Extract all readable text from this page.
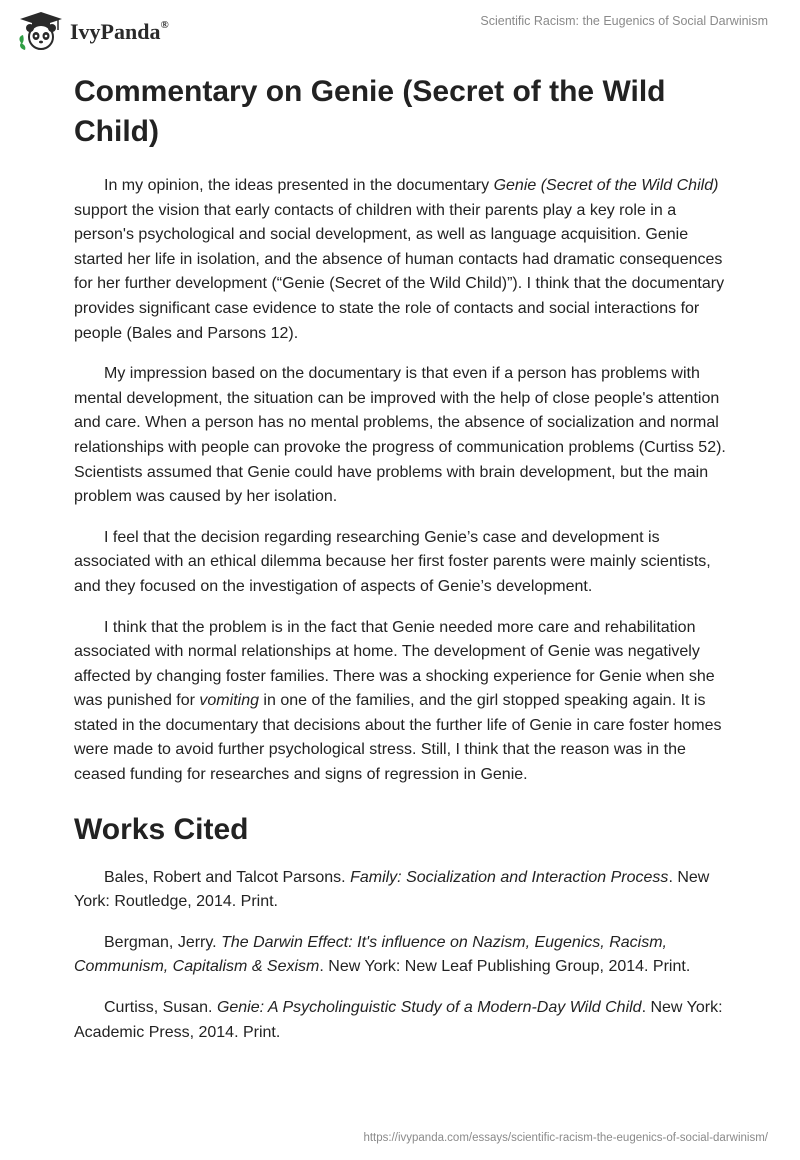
IvyPanda®	Scientific Racism: the Eugenics of Social Darwinism
Commentary on Genie (Secret of the Wild Child)

In my opinion, the ideas presented in the documentary Genie (Secret of the Wild Child) support the vision that early contacts of children with their parents play a key role in a person's psychological and social development, as well as language acquisition. Genie started her life in isolation, and the absence of human contacts had dramatic consequences for her further development (“Genie (Secret of the Wild Child)”). I think that the documentary provides significant case evidence to state the role of contacts and social interactions for people (Bales and Parsons 12).

My impression based on the documentary is that even if a person has problems with mental development, the situation can be improved with the help of close people's attention and care. When a person has no mental problems, the absence of socialization and normal relationships with people can provoke the progress of communication problems (Curtiss 52). Scientists assumed that Genie could have problems with brain development, but the main problem was caused by her isolation.

I feel that the decision regarding researching Genie’s case and development is associated with an ethical dilemma because her first foster parents were mainly scientists, and they focused on the investigation of aspects of Genie’s development.

I think that the problem is in the fact that Genie needed more care and rehabilitation associated with normal relationships at home. The development of Genie was negatively affected by changing foster families. There was a shocking experience for Genie when she was punished for vomiting in one of the families, and the girl stopped speaking again. It is stated in the documentary that decisions about the further life of Genie in care foster homes were made to avoid further psychological stress. Still, I think that the reason was in the ceased funding for researches and signs of regression in Genie.

Works Cited

Bales, Robert and Talcot Parsons. Family: Socialization and Interaction Process. New York: Routledge, 2014. Print.

Bergman, Jerry. The Darwin Effect: It's influence on Nazism, Eugenics, Racism, Communism, Capitalism & Sexism. New York: New Leaf Publishing Group, 2014. Print.

Curtiss, Susan. Genie: A Psycholinguistic Study of a Modern-Day Wild Child. New York: Academic Press, 2014. Print.

https://ivypanda.com/essays/scientific-racism-the-eugenics-of-social-darwinism/
